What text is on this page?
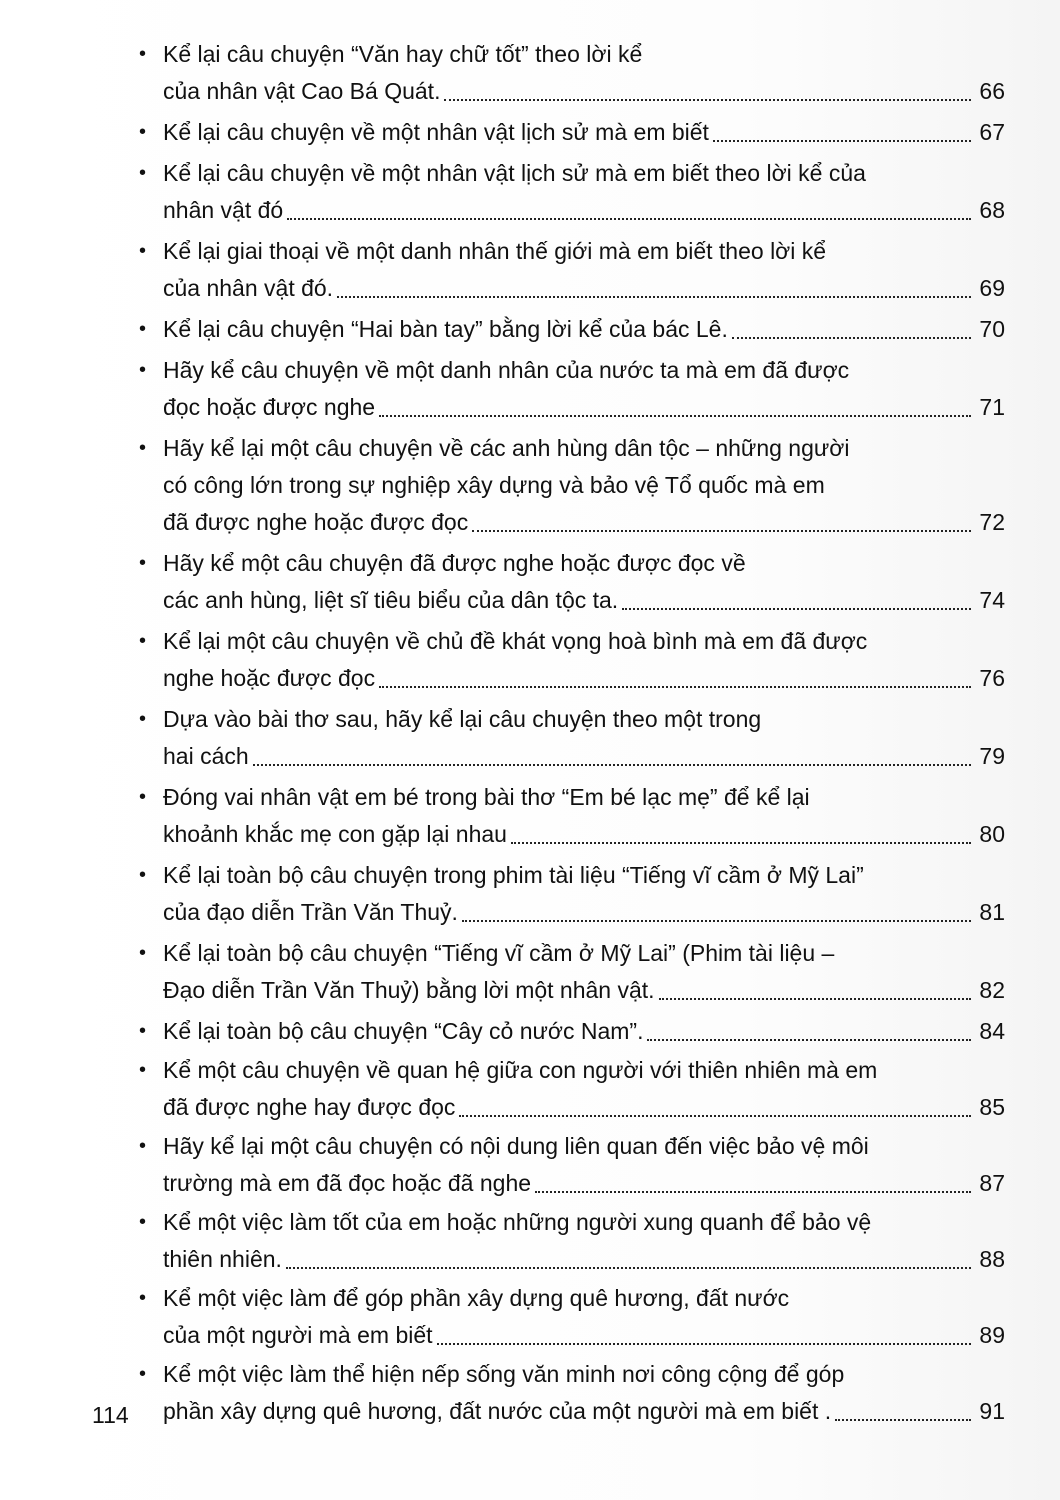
• Kể lại câu chuyện “Văn hay chữ tốt” theo lời kể
của nhân vật Cao Bá Quát.	66
• Kể lại câu chuyện về một nhân vật lịch sử mà em biết	67
• Kể lại câu chuyện về một nhân vật lịch sử mà em biết theo lời kể của
nhân vật đó	68
• Kể lại giai thoại về một danh nhân thế giới mà em biết theo lời kể
của nhân vật đó.	69
• Kể lại câu chuyện “Hai bàn tay” bằng lời kể của bác Lê.	70
• Hãy kể câu chuyện về một danh nhân của nước ta mà em đã được
đọc hoặc được nghe	71
• Hãy kể lại một câu chuyện về các anh hùng dân tộc – những người
có công lớn trong sự nghiệp xây dựng và bảo vệ Tổ quốc mà em
đã được nghe hoặc được đọc	72
• Hãy kể một câu chuyện đã được nghe hoặc được đọc về
các anh hùng, liệt sĩ tiêu biểu của dân tộc ta.	74
• Kể lại một câu chuyện về chủ đề khát vọng hoà bình mà em đã được
nghe hoặc được đọc	76
• Dựa vào bài thơ sau, hãy kể lại câu chuyện theo một trong
hai cách	79
• Đóng vai nhân vật em bé trong bài thơ “Em bé lạc mẹ” để kể lại
khoảnh khắc mẹ con gặp lại nhau	80
• Kể lại toàn bộ câu chuyện trong phim tài liệu “Tiếng vĩ cầm ở Mỹ Lai”
của đạo diễn Trần Văn Thuỷ.	81
• Kể lại toàn bộ câu chuyện “Tiếng vĩ cầm ở Mỹ Lai” (Phim tài liệu –
Đạo diễn Trần Văn Thuỷ) bằng lời một nhân vật.	82
• Kể lại toàn bộ câu chuyện “Cây cỏ nước Nam”.	84
• Kể một câu chuyện về quan hệ giữa con người với thiên nhiên mà em
đã được nghe hay được đọc	85
• Hãy kể lại một câu chuyện có nội dung liên quan đến việc bảo vệ môi
trường mà em đã đọc hoặc đã nghe	87
• Kể một việc làm tốt của em hoặc những người xung quanh để bảo vệ
thiên nhiên.	88
• Kể một việc làm để góp phần xây dựng quê hương, đất nước
của một người mà em biết	89
• Kể một việc làm thể hiện nếp sống văn minh nơi công cộng để góp
phần xây dựng quê hương, đất nước của một người mà em biết .	91
114
